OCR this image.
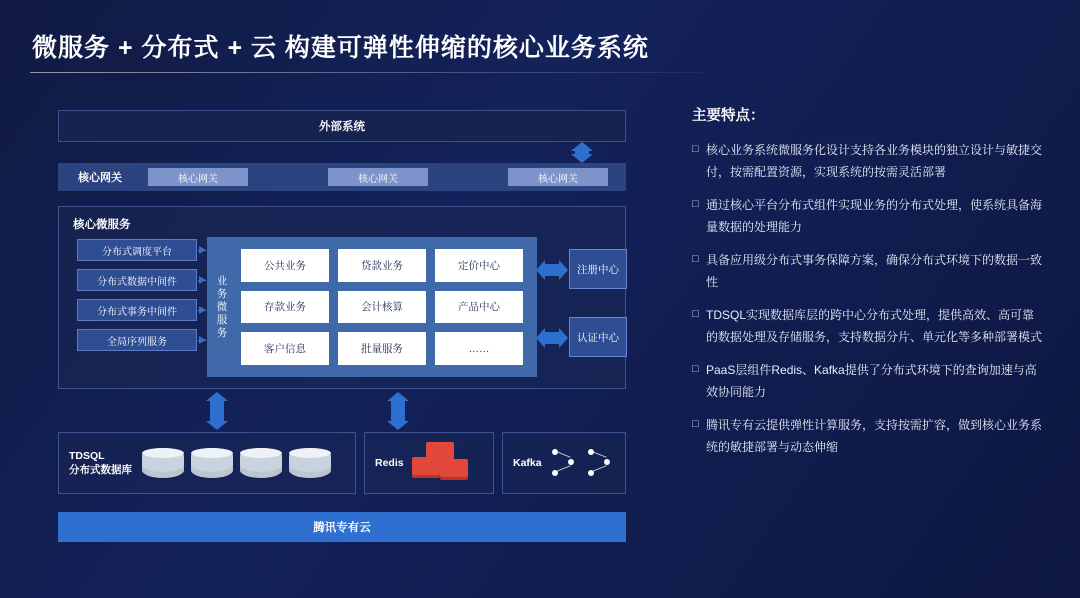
微服务 + 分布式 + 云 构建可弹性伸缩的核心业务系统
外部系统
核心网关	核心网关	核心网关	核心网关
核心微服务
分布式调度平台
分布式数据中间件
分布式事务中间件
全局序列服务
业务微服务
公共业务	贷款业务	定价中心
存款业务	会计核算	产品中心
客户信息	批量服务	……
注册中心
认证中心
TDSQL
分布式数据库
Redis	Kafka
腾讯专有云
主要特点：
□ 核心业务系统微服务化设计支持各业务模块的独立设计与敏捷交付，按需配置资源，实现系统的按需灵活部署
□ 通过核心平台分布式组件实现业务的分布式处理，使系统具备海量数据的处理能力
□ 具备应用级分布式事务保障方案，确保分布式环境下的数据一致性
□ TDSQL实现数据库层的跨中心分布式处理，提供高效、高可靠的数据处理及存储服务，支持数据分片、单元化等多种部署模式
□ PaaS层组件Redis、Kafka提供了分布式环境下的查询加速与高效协同能力
□ 腾讯专有云提供弹性计算服务，支持按需扩容，做到核心业务系统的敏捷部署与动态伸缩
